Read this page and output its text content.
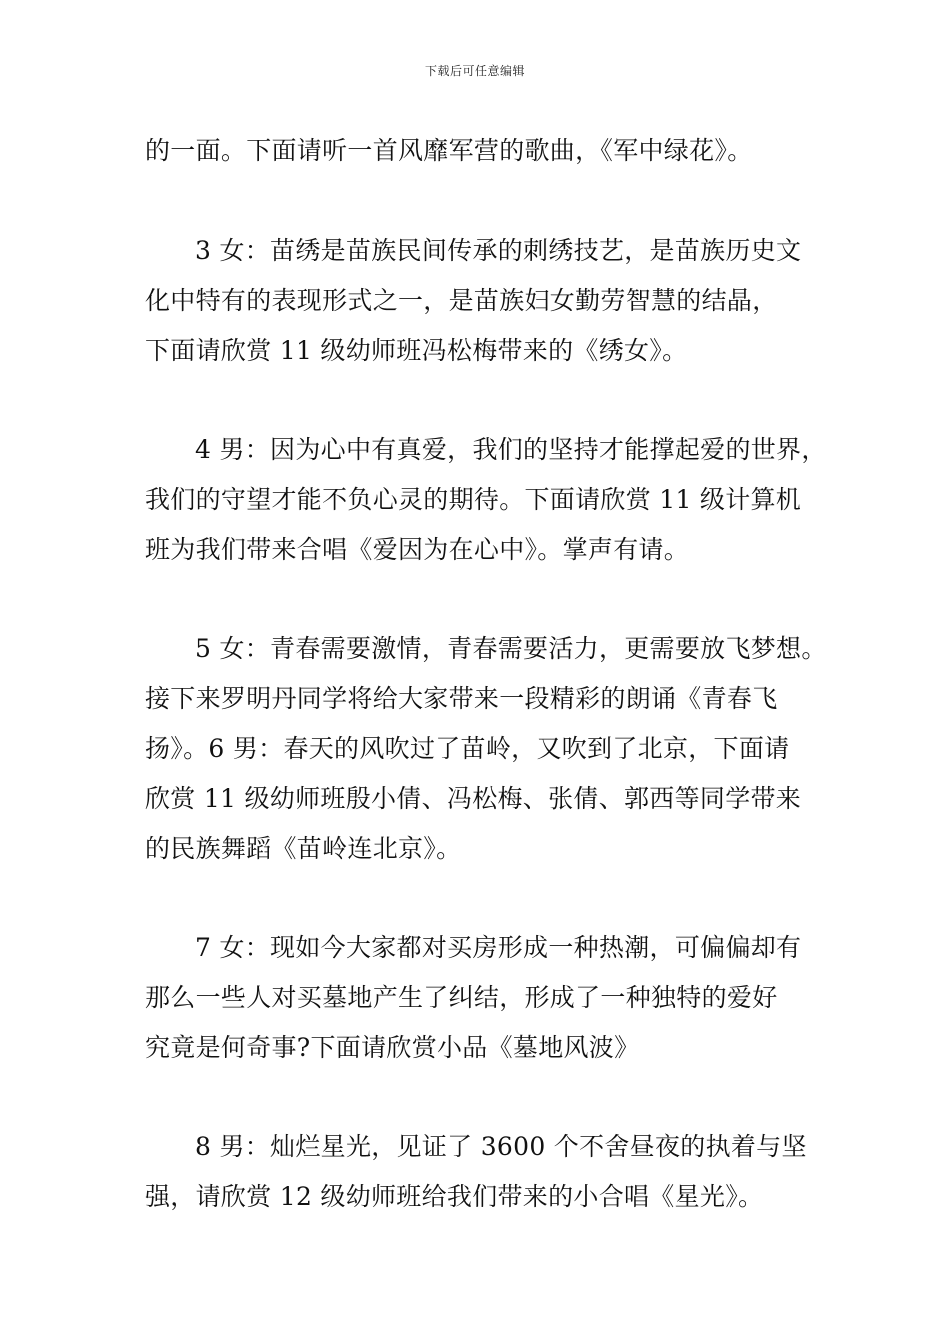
下载后可任意编辑
的一面。下面请听一首风靡军营的歌曲，《军中绿花》。
3 女：苗绣是苗族民间传承的刺绣技艺，是苗族历史文
化中特有的表现形式之一，是苗族妇女勤劳智慧的结晶，
下面请欣赏 11 级幼师班冯松梅带来的《绣女》。
4 男：因为心中有真爱，我们的坚持才能撑起爱的世界，
我们的守望才能不负心灵的期待。下面请欣赏 11 级计算机
班为我们带来合唱《爱因为在心中》。掌声有请。
5 女：青春需要激情，青春需要活力，更需要放飞梦想。
接下来罗明丹同学将给大家带来一段精彩的朗诵《青春飞
扬》。6 男：春天的风吹过了苗岭，又吹到了北京，下面请
欣赏 11 级幼师班殷小倩、冯松梅、张倩、郭西等同学带来
的民族舞蹈《苗岭连北京》。
7 女：现如今大家都对买房形成一种热潮，可偏偏却有
那么一些人对买墓地产生了纠结，形成了一种独特的爱好
究竟是何奇事?下面请欣赏小品《墓地风波》
8 男：灿烂星光，见证了 3600 个不舍昼夜的执着与坚
强，请欣赏 12 级幼师班给我们带来的小合唱《星光》。
